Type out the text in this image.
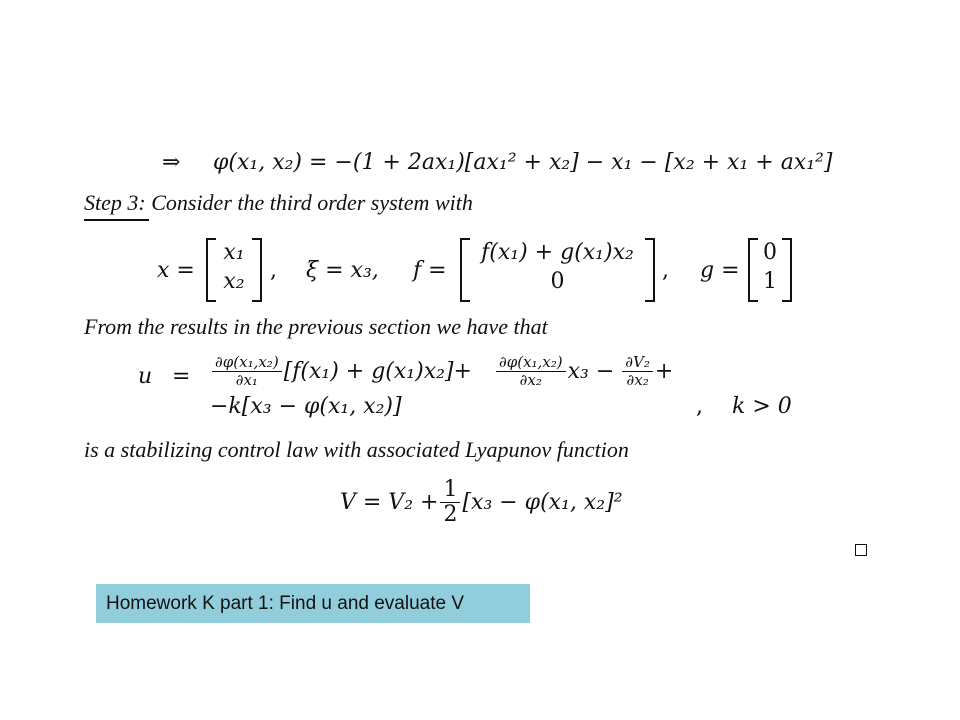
⇒ φ(x₁, x₂) = −(1 + 2ax₁)[ax₁² + x₂] − x₁ − [x₂ + x₁ + ax₁²]
Step 3: Consider the third order system with
x =
x₁
x₂	, ξ = x₃, f =
f(x₁) + g(x₁)x₂
0	, g =
0
1
From the results in the previous section we have that
$u = \frac{\text{∂φ(x₁,x₂)}}{\text{∂x₁}} [f(x_1) + g(x_1)x_2]+ \frac{\text{∂φ(x₁,x₂)}}{\text{∂x₂}} x_3 - \frac{\text{∂V₂}}{\text{∂x₂}}$ +
−k[x₃ − φ(x₁, x₂)]	, k > 0
is a stabilizing control law with associated Lyapunov function
$V = V_2 + \frac{1}{2} [x_3 - \varphi(x_1$, x₂]²
Homework K part 1: Find u and evaluate V
